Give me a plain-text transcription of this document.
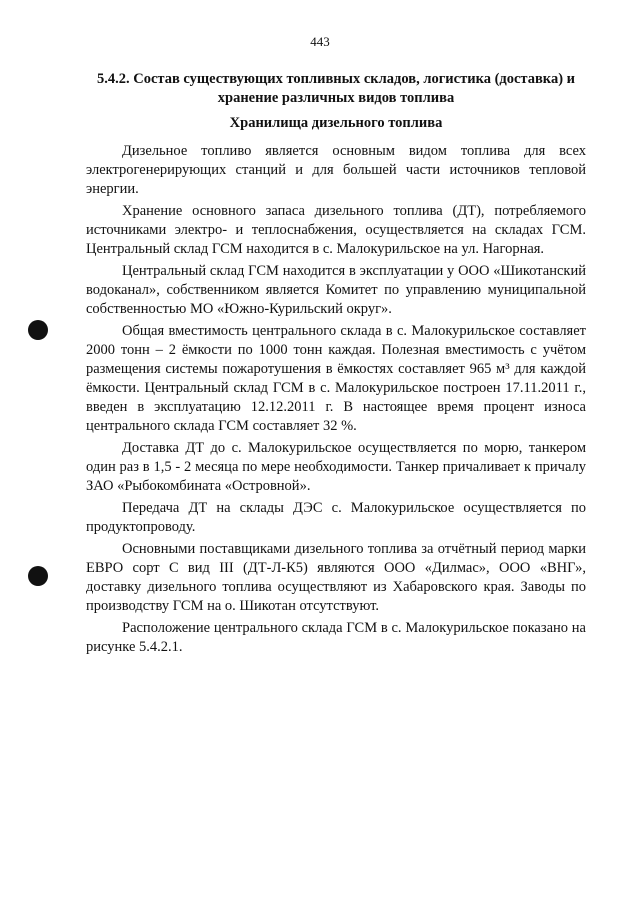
443
5.4.2. Состав существующих топливных складов, логистика (доставка) и хранение различных видов топлива
Хранилища дизельного топлива

Дизельное топливо является основным видом топлива для всех электрогенерирующих станций и для большей части источников тепловой энергии.

Хранение основного запаса дизельного топлива (ДТ), потребляемого источниками электро- и теплоснабжения, осуществляется на складах ГСМ. Центральный склад ГСМ находится в с. Малокурильское на ул. Нагорная.

Центральный склад ГСМ находится в эксплуатации у ООО «Шикотанский водоканал», собственником является Комитет по управлению муниципальной собственностью МО «Южно-Курильский округ».

Общая вместимость центрального склада в с. Малокурильское составляет 2000 тонн – 2 ёмкости по 1000 тонн каждая. Полезная вместимость с учётом размещения системы пожаротушения в ёмкостях составляет 965 м³ для каждой ёмкости. Центральный склад ГСМ в с. Малокурильское построен 17.11.2011 г., введен в эксплуатацию 12.12.2011 г. В настоящее время процент износа центрального склада ГСМ составляет 32 %.

Доставка ДТ до с. Малокурильское осуществляется по морю, танкером один раз в 1,5 - 2 месяца по мере необходимости. Танкер причаливает к причалу ЗАО «Рыбокомбината «Островной».

Передача ДТ на склады ДЭС с. Малокурильское осуществляется по продуктопроводу.

Основными поставщиками дизельного топлива за отчётный период марки ЕВРО сорт С вид III (ДТ-Л-К5) являются ООО «Дилмас», ООО «ВНГ», доставку дизельного топлива осуществляют из Хабаровского края. Заводы по производству ГСМ на о. Шикотан отсутствуют.

Расположение центрального склада ГСМ в с. Малокурильское показано на рисунке 5.4.2.1.
